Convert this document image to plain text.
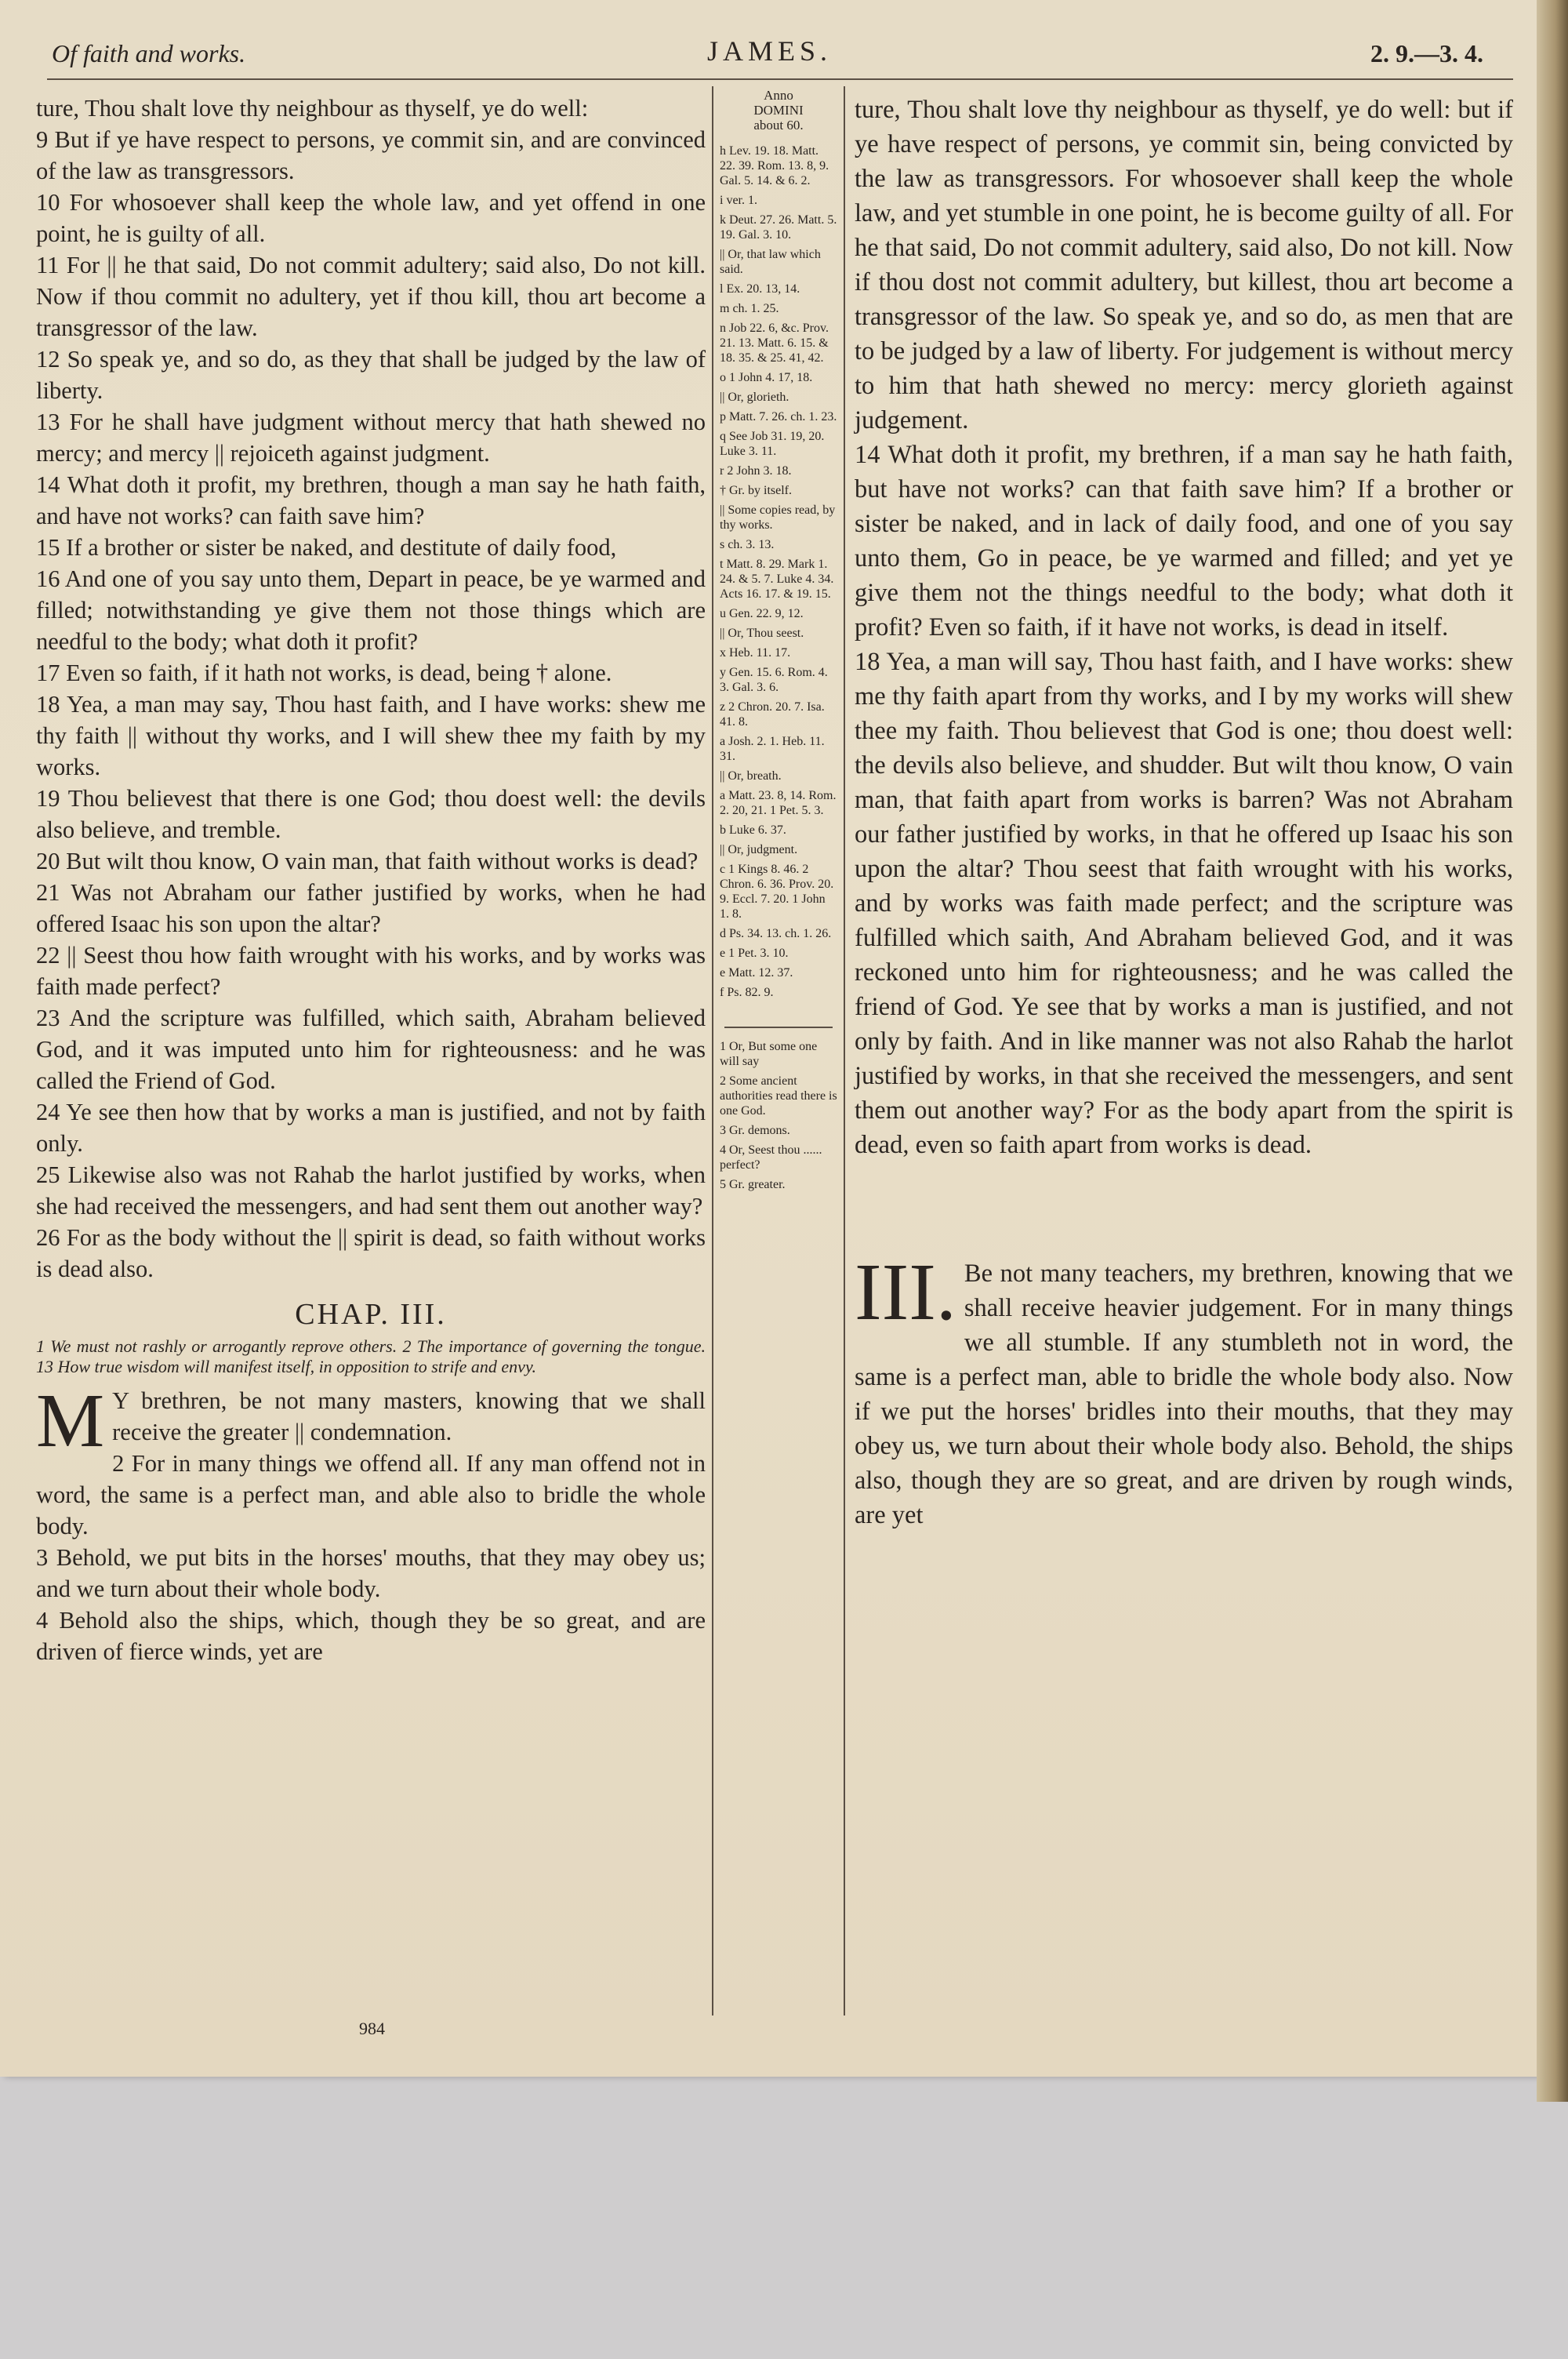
Of faith and works.	JAMES.	2. 9.—3. 4.

ture, Thou shalt love thy neighbour as thyself, ye do well:

9 But if ye have respect to persons, ye commit sin, and are convinced of the law as transgressors.

10 For whosoever shall keep the whole law, and yet offend in one point, he is guilty of all.

11 For || he that said, Do not commit adultery; said also, Do not kill. Now if thou commit no adultery, yet if thou kill, thou art become a transgressor of the law.

12 So speak ye, and so do, as they that shall be judged by the law of liberty.

13 For he shall have judgment without mercy that hath shewed no mercy; and mercy || rejoiceth against judgment.

14 What doth it profit, my brethren, though a man say he hath faith, and have not works? can faith save him?

15 If a brother or sister be naked, and destitute of daily food,

16 And one of you say unto them, Depart in peace, be ye warmed and filled; notwithstanding ye give them not those things which are needful to the body; what doth it profit?

17 Even so faith, if it hath not works, is dead, being † alone.

18 Yea, a man may say, Thou hast faith, and I have works: shew me thy faith || without thy works, and I will shew thee my faith by my works.

19 Thou believest that there is one God; thou doest well: the devils also believe, and tremble.

20 But wilt thou know, O vain man, that faith without works is dead?

21 Was not Abraham our father justified by works, when he had offered Isaac his son upon the altar?

22 || Seest thou how faith wrought with his works, and by works was faith made perfect?

23 And the scripture was fulfilled, which saith, Abraham believed God, and it was imputed unto him for righteousness: and he was called the Friend of God.

24 Ye see then how that by works a man is justified, and not by faith only.

25 Likewise also was not Rahab the harlot justified by works, when she had received the messengers, and had sent them out another way?

26 For as the body without the || spirit is dead, so faith without works is dead also.

CHAP. III.
1 We must not rashly or arrogantly reprove others. 2 The importance of governing the tongue. 13 How true wisdom will manifest itself, in opposition to strife and envy.

M Y brethren, be not many masters, knowing that we shall receive the greater || condemnation.

2 For in many things we offend all. If any man offend not in word, the same is a perfect man, and able also to bridle the whole body.

3 Behold, we put bits in the horses' mouths, that they may obey us; and we turn about their whole body.

4 Behold also the ships, which, though they be so great, and are driven of fierce winds, yet are

Anno
DOMINI
about 60.
h Lev. 19. 18. Matt. 22. 39. Rom. 13. 8, 9. Gal. 5. 14. & 6. 2.
i ver. 1.
k Deut. 27. 26. Matt. 5. 19. Gal. 3. 10.
|| Or, that law which said.
l Ex. 20. 13, 14.
m ch. 1. 25.
n Job 22. 6, &c. Prov. 21. 13. Matt. 6. 15. & 18. 35. & 25. 41, 42.
o 1 John 4. 17, 18.
|| Or, glorieth.
p Matt. 7. 26. ch. 1. 23.
q See Job 31. 19, 20. Luke 3. 11.
r 2 John 3. 18.
† Gr. by itself.
|| Some copies read, by thy works.
s ch. 3. 13.
t Matt. 8. 29. Mark 1. 24. & 5. 7. Luke 4. 34. Acts 16. 17. & 19. 15.
u Gen. 22. 9, 12.
|| Or, Thou seest.
x Heb. 11. 17.
y Gen. 15. 6. Rom. 4. 3. Gal. 3. 6.
z 2 Chron. 20. 7. Isa. 41. 8.
a Josh. 2. 1. Heb. 11. 31.
|| Or, breath.
a Matt. 23. 8, 14. Rom. 2. 20, 21. 1 Pet. 5. 3.
b Luke 6. 37.
|| Or, judgment.
c 1 Kings 8. 46. 2 Chron. 6. 36. Prov. 20. 9. Eccl. 7. 20. 1 John 1. 8.
d Ps. 34. 13. ch. 1. 26.
e 1 Pet. 3. 10.
e Matt. 12. 37.
f Ps. 82. 9.
1 Or, But some one will say
2 Some ancient authorities read there is one God.
3 Gr. demons.
4 Or, Seest thou ...... perfect?
5 Gr. greater.

ture, Thou shalt love thy neighbour as thyself, ye do well: but if ye have respect of persons, ye commit sin, being convicted by the law as transgressors. For whosoever shall keep the whole law, and yet stumble in one point, he is become guilty of all. For he that said, Do not commit adultery, said also, Do not kill. Now if thou dost not commit adultery, but killest, thou art become a transgressor of the law. So speak ye, and so do, as men that are to be judged by a law of liberty. For judgement is without mercy to him that hath shewed no mercy: mercy glorieth against judgement.

14 What doth it profit, my brethren, if a man say he hath faith, but have not works? can that faith save him? If a brother or sister be naked, and in lack of daily food, and one of you say unto them, Go in peace, be ye warmed and filled; and yet ye give them not the things needful to the body; what doth it profit? Even so faith, if it have not works, is dead in itself.

18 Yea, a man will say, Thou hast faith, and I have works: shew me thy faith apart from thy works, and I by my works will shew thee my faith. Thou believest that God is one; thou doest well: the devils also believe, and shudder. But wilt thou know, O vain man, that faith apart from works is barren? Was not Abraham our father justified by works, in that he offered up Isaac his son upon the altar? Thou seest that faith wrought with his works, and by works was faith made perfect; and the scripture was fulfilled which saith, And Abraham believed God, and it was reckoned unto him for righteousness; and he was called the friend of God. Ye see that by works a man is justified, and not only by faith. And in like manner was not also Rahab the harlot justified by works, in that she received the messengers, and sent them out another way? For as the body apart from the spirit is dead, even so faith apart from works is dead.

III. Be not many teachers, my brethren, knowing that we shall receive heavier judgement. For in many things we all stumble. If any stumbleth not in word, the same is a perfect man, able to bridle the whole body also. Now if we put the horses' bridles into their mouths, that they may obey us, we turn about their whole body also. Behold, the ships also, though they are so great, and are driven by rough winds, are yet

984
